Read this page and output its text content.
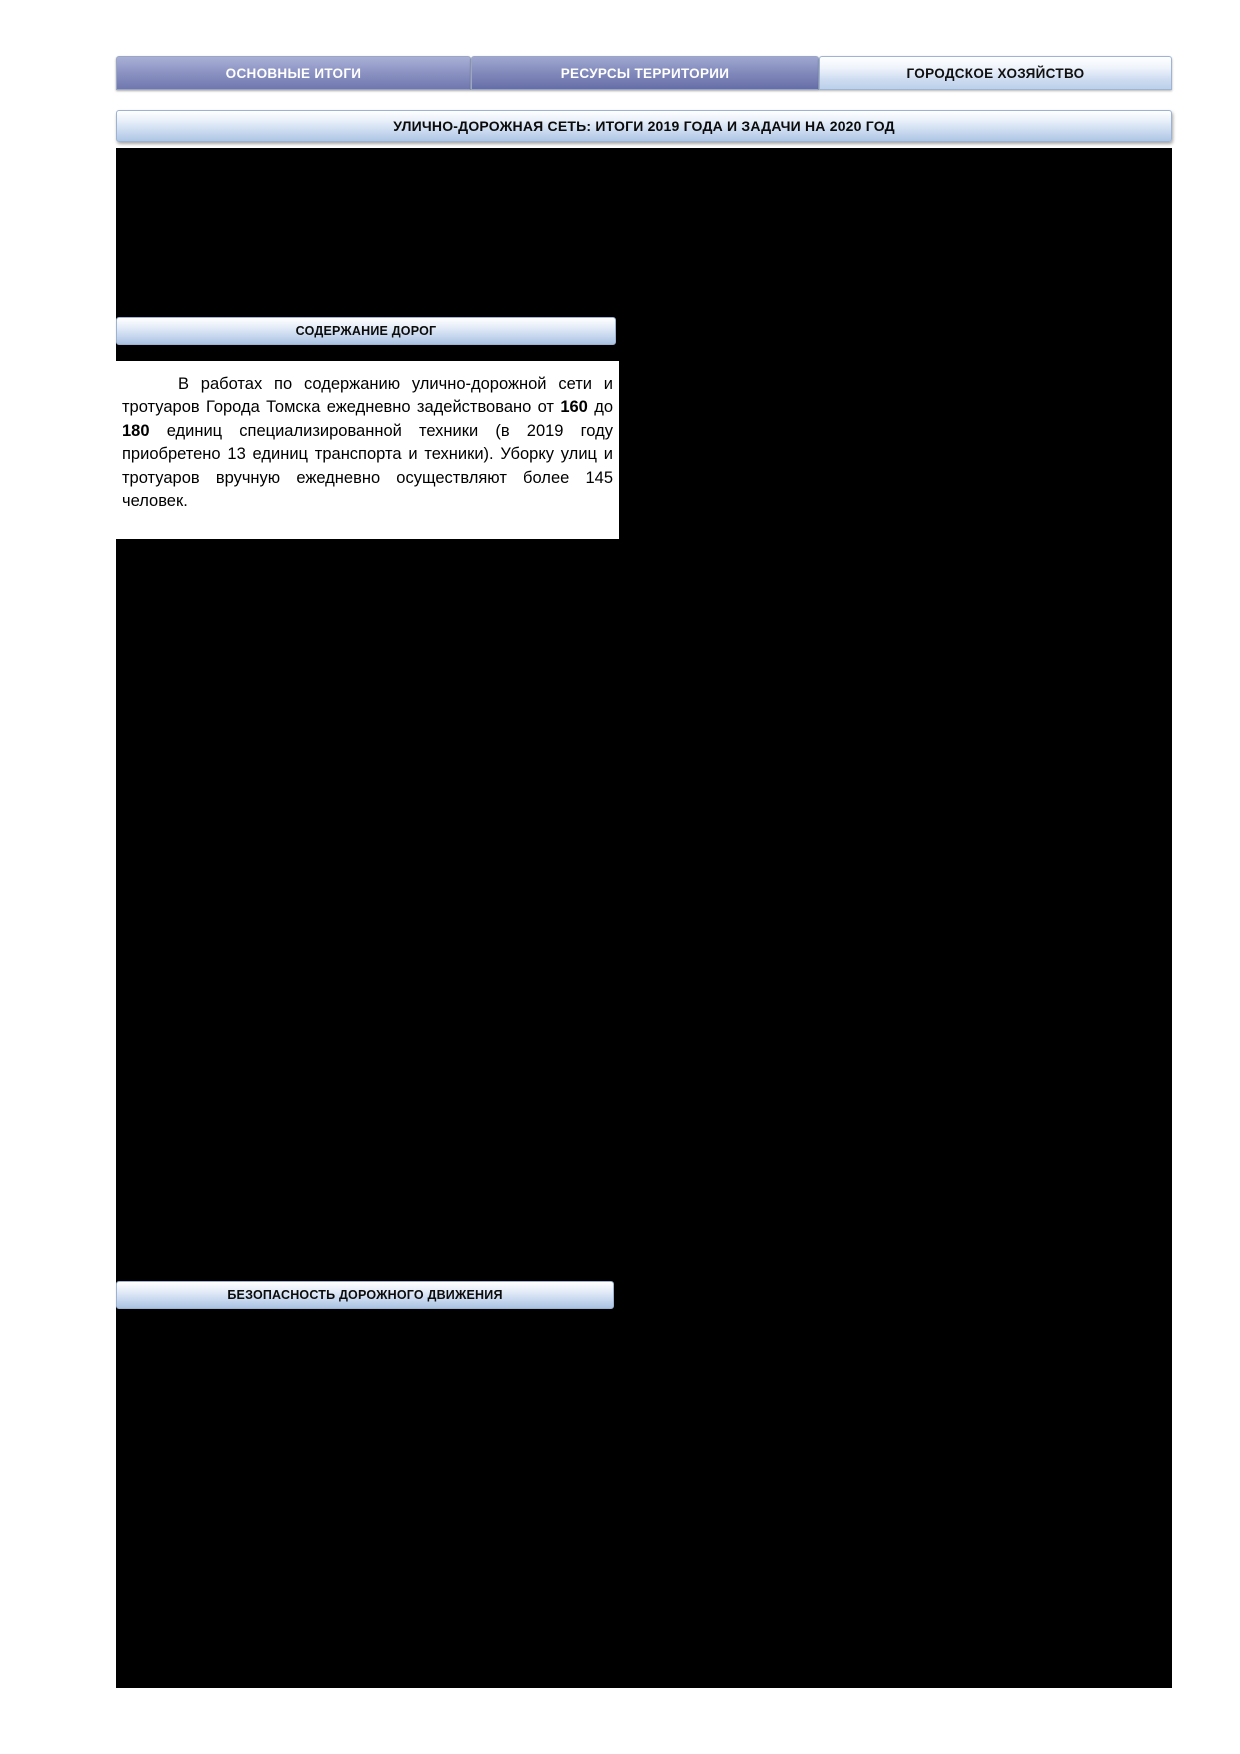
ОСНОВНЫЕ ИТОГИ	РЕСУРСЫ ТЕРРИТОРИИ	ГОРОДСКОЕ ХОЗЯЙСТВО
УЛИЧНО-ДОРОЖНАЯ СЕТЬ: ИТОГИ 2019 ГОДА И ЗАДАЧИ НА 2020 ГОД
СОДЕРЖАНИЕ ДОРОГ

В работах по содержанию улично-дорожной сети и тротуаров Города Томска ежедневно задействовано от 160 до 180 единиц специализированной техники (в 2019 году приобретено 13 единиц транспорта и техники). Уборку улиц и тротуаров вручную ежедневно осуществляют более 145 человек.

БЕЗОПАСНОСТЬ ДОРОЖНОГО ДВИЖЕНИЯ
